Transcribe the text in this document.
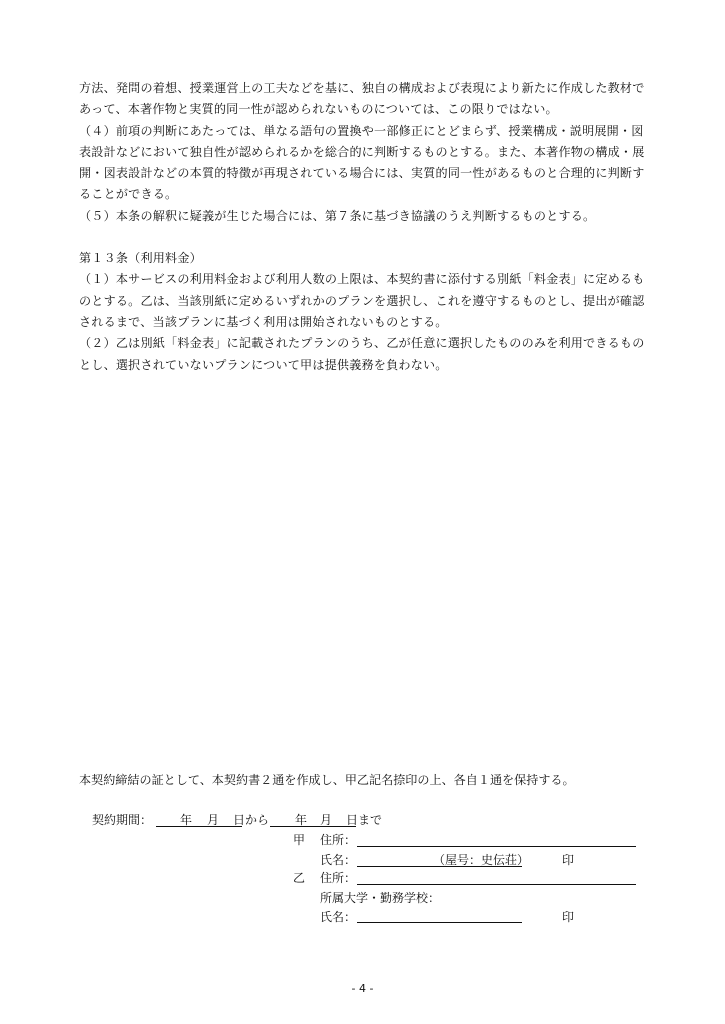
方法、発問の着想、授業運営上の工夫などを基に、独自の構成および表現により新たに作成した教材であって、本著作物と実質的同一性が認められないものについては、この限りではない。

（４）前項の判断にあたっては、単なる語句の置換や一部修正にとどまらず、授業構成・説明展開・図表設計などにおいて独自性が認められるかを総合的に判断するものとする。また、本著作物の構成・展開・図表設計などの本質的特徴が再現されている場合には、実質的同一性があるものと合理的に判断することができる。

（５）本条の解釈に疑義が生じた場合には、第７条に基づき協議のうえ判断するものとする。

第１３条（利用料金）

（１）本サービスの利用料金および利用人数の上限は、本契約書に添付する別紙「料金表」に定めるものとする。乙は、当該別紙に定めるいずれかのプランを選択し、これを遵守するものとし、提出が確認されるまで、当該プランに基づく利用は開始されないものとする。

（２）乙は別紙「料金表」に記載されたプランのうち、乙が任意に選択したもののみを利用できるものとし、選択されていないプランについて甲は提供義務を負わない。

本契約締結の証として、本契約書２通を作成し、甲乙記名捺印の上、各自１通を保持する。
契約期間： 年 月 日から 年 月 日まで
甲 住所：
氏名：	（屋号：史伝荘）	印
乙 住所：
所属大学・勤務学校：
氏名：	印
- 4 -
